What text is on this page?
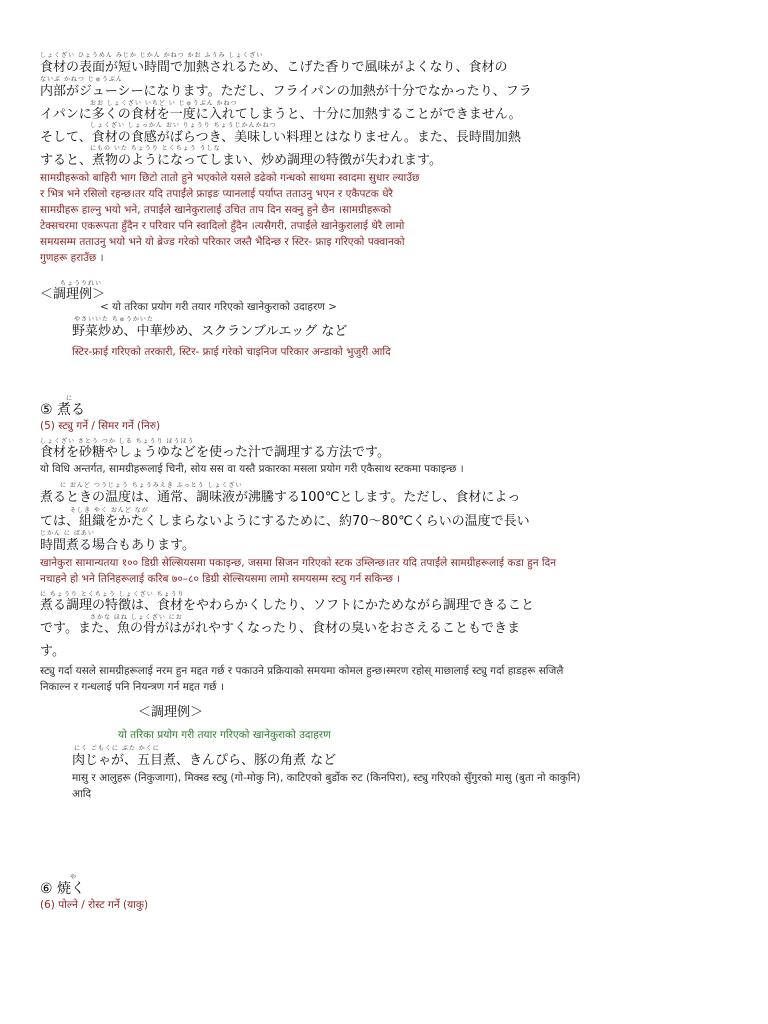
しょくざい ひょうめん みじか じかん かねつ かお ふうみ しょくざい
食材の表面が短い時間で加熱されるため、こげた香りで風味がよくなり、食材の
ないぶ かねつ じゅうぶん
内部がジューシーになります。ただし、フライパンの加熱が十分でなかったり、フラ
おお しょくざい いちど い じゅうぶん かねつ
イパンに多くの食材を一度に入れてしまうと、十分に加熱することができません。
しょくざい しょっかん おい りょうり ちょうじかんかねつ
そして、食材の食感がばらつき、美味しい料理とはなりません。また、長時間加熱
にもの いた ちょうり とくちょう うしな
すると、煮物のようになってしまい、炒め調理の特徴が失われます。
सामग्रीहरूको बाहिरी भाग छिटो तातो हुने भएकोले यसले डढेको गन्धको साथमा स्वादमा सुधार ल्याउँछ
र भित्र भने रसिलो रहन्छ।तर यदि तपाईंले फ्राइङ प्यानलाई पर्याप्त तताउनु भएन र एकैपटक धेरै
सामग्रीहरू हाल्नु भयो भने, तपाईंले खानेकुरालाई उचित ताप दिन सक्नु हुने छैन ।सामग्रीहरूको
टेक्सचरमा एकरूपता हुँदैन र परिवार पनि स्वादिलो हुँदैन ।त्यसैगरी, तपाईंले खानेकुरालाई धेरै लामो
समयसम्म तताउनु भयो भने यो ब्रेज्ड गरेको परिकार जस्तै भैदिन्छ र स्टिर- फ्राइ गरिएको पक्वानको
गुणहरू हराउँछ ।
ちょうりれい
＜調理例＞
< यो तरिका प्रयोग गरी तयार गरिएको खानेकुराको उदाहरण >
やさいいた ちゅうかいた
野菜炒め、中華炒め、スクランブルエッグ など
स्टिर-फ्राई गरिएको तरकारी, स्टिर- फ्राई गरेको चाइनिज परिकार अन्डाको भुजुरी आदि
に
⑤ 煮る
(5) स्ट्यु गर्ने / सिमर गर्ने (निरु)
しょくざい さとう つか しる ちょうり ほうほう
食材を砂糖やしょうゆなどを使った汁で調理する方法です。
यो विधि अन्तर्गत, सामग्रीहरूलाई चिनी, सोय सस वा यस्तै प्रकारका मसला प्रयोग गरी एकैसाथ स्टकमा पकाइन्छ ।
に おんど つうじょう ちょうみえき ふっとう しょくざい
煮るときの温度は、通常、調味液が沸騰する100℃とします。ただし、食材によっ
そしき やく おんど なが
ては、組織をかたくしまらないようにするために、約70～80℃くらいの温度で長い
じかん に ばあい
時間煮る場合もあります。
खानेकुरा सामान्यतया १०० डिग्री सेल्सियसमा पकाइन्छ, जसमा सिजन गरिएको स्टक उम्लिन्छ।तर यदि तपाईंले सामग्रीहरूलाई कडा हुन दिन
नचाहने हो भने तिनिहरूलाई करिब ७०–८० डिग्री सेल्सियसमा लामो समयसम्म स्ट्यु गर्न सकिन्छ ।
に ちょうり とくちょう しょくざい ちょうり
煮る調理の特徴は、食材をやわらかくしたり、ソフトにかためながら調理できること
さかな ほね しょくざい にお
です。また、魚の骨がはがれやすくなったり、食材の臭いをおさえることもできま
す。
स्ट्यु गर्दा यसले सामग्रीहरूलाई नरम हुन मद्दत गर्छ र पकाउने प्रक्रियाको समयमा कोमल हुन्छ।स्मरण रहोस् माछालाई स्ट्यु गर्दा हाडहरू सजिलै
निकाल्न र गन्धलाई पनि नियन्त्रण गर्न मद्दत गर्छ ।
＜調理例＞
यो तरिका प्रयोग गरी तयार गरिएको खानेकुराको उदाहरण
にく ごもくに ぶた かくに
肉じゃが、五目煮、きんぴら、豚の角煮 など
मासु र आलुहरू (निकुजागा), मिक्स्ड स्ट्यु (गो-मोकु नि), काटिएको बुर्डोक रुट (किनपिरा), स्ट्यु गरिएको सुँगुरको मासु (बुता नो काकुनि)
आदि
や
⑥ 焼く
(6) पोल्ने / रोस्ट गर्ने (याकु)
